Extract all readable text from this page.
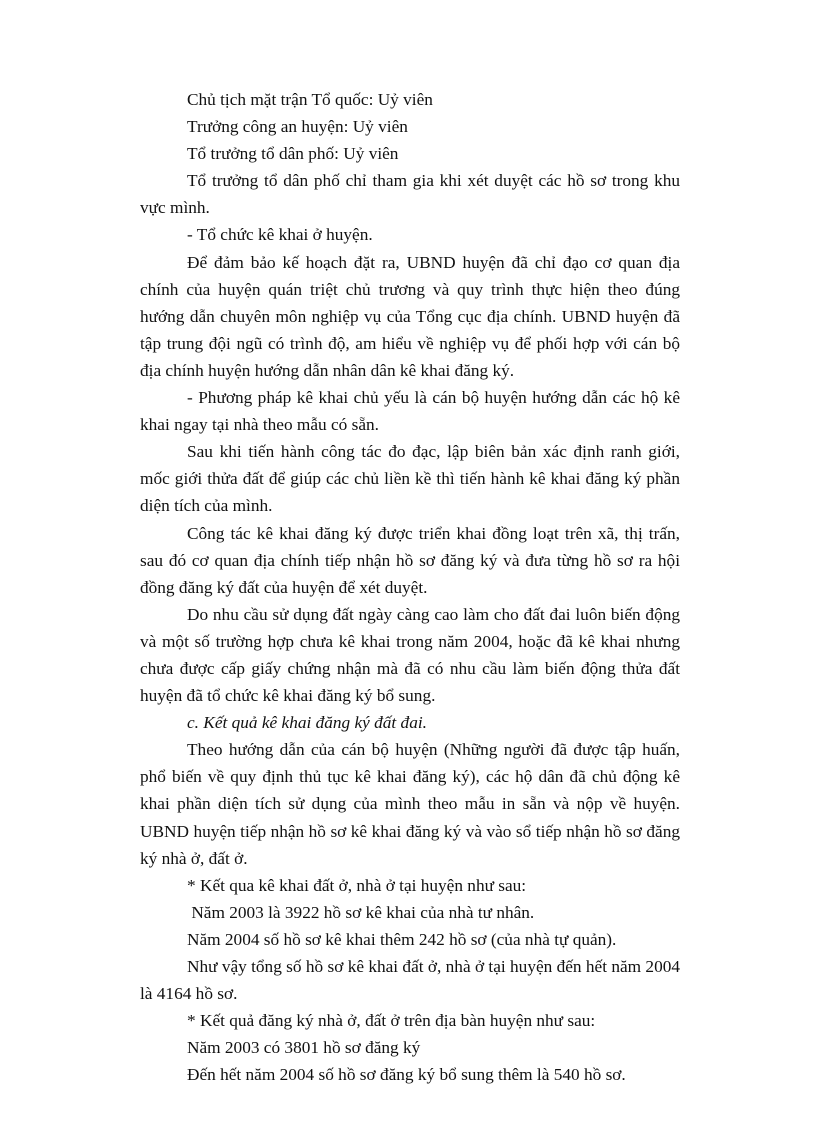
Chủ tịch mặt trận Tổ quốc: Uỷ viên

Trưởng công an huyện: Uỷ viên

Tổ trưởng tổ dân phố: Uỷ viên

Tổ trưởng tổ dân phố chỉ tham gia khi xét duyệt các hồ sơ trong khu vực mình.

- Tổ chức kê khai ở huyện.

Để đảm bảo kế hoạch đặt ra, UBND huyện đã chỉ đạo cơ quan địa chính của huyện quán triệt chủ trương và quy trình thực hiện theo đúng hướng dẫn chuyên môn nghiệp vụ của Tổng cục địa chính. UBND huyện đã tập trung đội ngũ có trình độ, am hiểu về nghiệp vụ để phối hợp với cán bộ địa chính huyện hướng dẫn nhân dân kê khai đăng ký.

- Phương pháp kê khai chủ yếu là cán bộ huyện hướng dẫn các hộ kê khai ngay tại nhà theo mẫu có sẵn.

Sau khi tiến hành công tác đo đạc, lập biên bản xác định ranh giới, mốc giới thửa đất để giúp các chủ liền kề thì tiến hành kê khai đăng ký phần diện tích của mình.

Công tác kê khai đăng ký được triển khai đồng loạt trên xã, thị trấn, sau đó cơ quan địa chính tiếp nhận hồ sơ đăng ký và đưa từng hồ sơ ra hội đồng đăng ký đất của huyện để xét duyệt.

Do nhu cầu sử dụng đất ngày càng cao làm cho đất đai luôn biến động và một số trường hợp chưa kê khai trong năm 2004, hoặc đã kê khai nhưng chưa được cấp giấy chứng nhận mà đã có nhu cầu làm biến động thửa đất huyện đã tổ chức kê khai đăng ký bổ sung.

c. Kết quả kê khai đăng ký đất đai.

Theo hướng dẫn của cán bộ huyện (Những người đã được tập huấn, phổ biến về quy định thủ tục kê khai đăng ký), các hộ dân đã chủ động kê khai phần diện tích sử dụng của mình theo mẫu in sẵn và nộp về huyện. UBND huyện tiếp nhận hồ sơ kê khai đăng ký và vào sổ tiếp nhận hồ sơ đăng ký nhà ở, đất ở.

* Kết qua kê khai đất ở, nhà ở tại huyện như sau:

Năm 2003 là 3922 hồ sơ kê khai của nhà tư nhân.

Năm 2004 số hồ sơ kê khai thêm 242 hồ sơ (của nhà tự quản).

Như vậy tổng số hồ sơ kê khai đất ở, nhà ở tại huyện đến hết năm 2004 là 4164 hồ sơ.

* Kết quả đăng ký nhà ở, đất ở trên địa bàn huyện như sau:

Năm 2003 có 3801 hồ sơ đăng ký

Đến hết năm 2004 số hồ sơ đăng ký bổ sung thêm là 540 hồ sơ.
